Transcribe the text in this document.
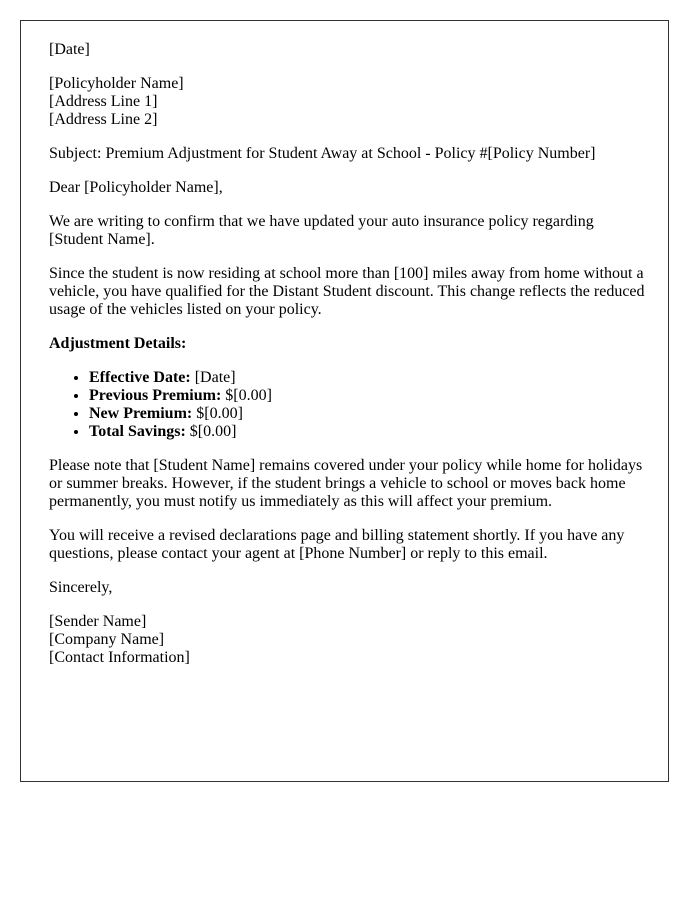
[Date]

[Policyholder Name]
[Address Line 1]
[Address Line 2]

Subject: Premium Adjustment for Student Away at School - Policy #[Policy Number]

Dear [Policyholder Name],

We are writing to confirm that we have updated your auto insurance policy regarding [Student Name].

Since the student is now residing at school more than [100] miles away from home without a vehicle, you have qualified for the Distant Student discount. This change reflects the reduced usage of the vehicles listed on your policy.

Adjustment Details:

• Effective Date: [Date]
• Previous Premium: $[0.00]
• New Premium: $[0.00]
• Total Savings: $[0.00]

Please note that [Student Name] remains covered under your policy while home for holidays or summer breaks. However, if the student brings a vehicle to school or moves back home permanently, you must notify us immediately as this will affect your premium.

You will receive a revised declarations page and billing statement shortly. If you have any questions, please contact your agent at [Phone Number] or reply to this email.

Sincerely,

[Sender Name]
[Company Name]
[Contact Information]
